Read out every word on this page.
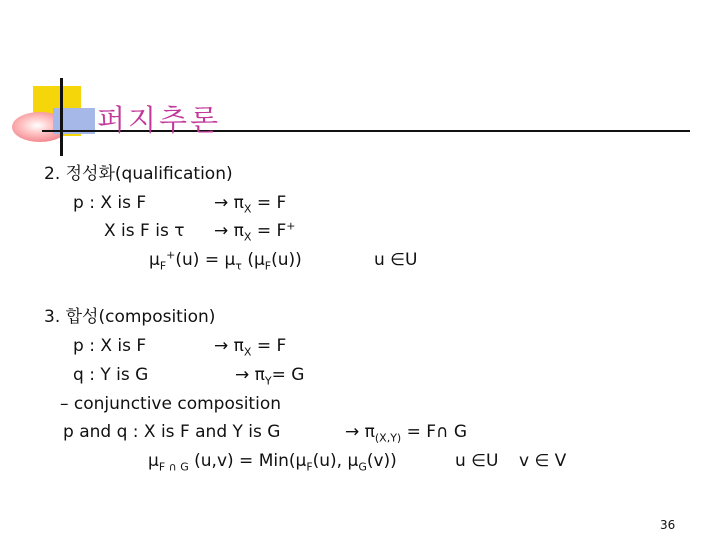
퍼지추론
2. 정성화(qualification)
p : X is F	→ $\pi_X = F$
X is F is $\tau \to \pi_X = F^+$
$\mu_F^+(u) = \mu_\tau$ $(\mu_F(u))$	u ∈U
3. 합성(composition)
p : X is F	→ $\pi_X = F$
q : Y is G	→ $\pi_Y= G$
– conjunctive composition
p and q : X is F and Y is G	→ $\pi_{(X,Y)}$ = F∩ G
$\mu_{F \cap G}$ $(u,v) = Min(\mu_F(u)$, $\mu_G(v)$)	u ∈U v ∈ V
36
